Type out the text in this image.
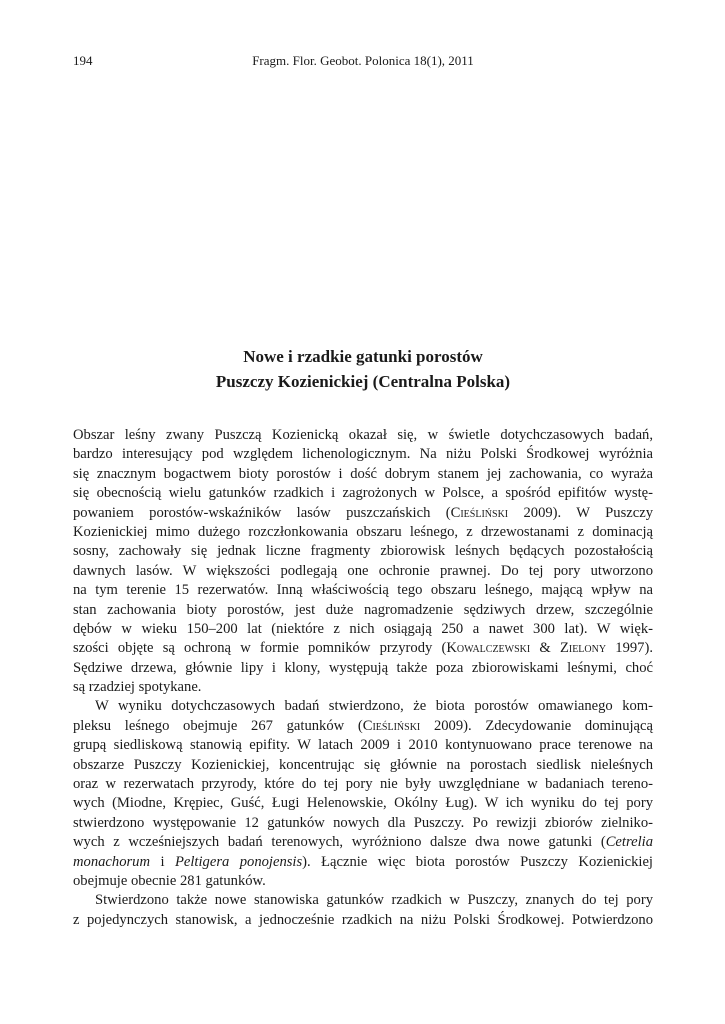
194	Fragm. Flor. Geobot. Polonica 18(1), 2011
Nowe i rzadkie gatunki porostów
Puszczy Kozienickiej (Centralna Polska)
Obszar leśny zwany Puszczą Kozienicką okazał się, w świetle dotychczasowych badań,
bardzo interesujący pod względem lichenologicznym. Na niżu Polski Środkowej wyróżnia
się znacznym bogactwem bioty porostów i dość dobrym stanem jej zachowania, co wyraża
się obecnością wielu gatunków rzadkich i zagrożonych w Polsce, a spośród epifitów wystę-
powaniem porostów-wskaźników lasów puszczańskich (Cieśliński 2009). W Puszczy
Kozienickiej mimo dużego rozczłonkowania obszaru leśnego, z drzewostanami z dominacją
sosny, zachowały się jednak liczne fragmenty zbiorowisk leśnych będących pozostałością
dawnych lasów. W większości podlegają one ochronie prawnej. Do tej pory utworzono
na tym terenie 15 rezerwatów. Inną właściwością tego obszaru leśnego, mającą wpływ na
stan zachowania bioty porostów, jest duże nagromadzenie sędziwych drzew, szczególnie
dębów w wieku 150–200 lat (niektóre z nich osiągają 250 a nawet 300 lat). W więk-
szości objęte są ochroną w formie pomników przyrody (Kowalczewski & Zielony 1997).
Sędziwe drzewa, głównie lipy i klony, występują także poza zbiorowiskami leśnymi, choć
są rzadziej spotykane.
W wyniku dotychczasowych badań stwierdzono, że biota porostów omawianego kom-
pleksu leśnego obejmuje 267 gatunków (Cieśliński 2009). Zdecydowanie dominującą
grupą siedliskową stanowią epifity. W latach 2009 i 2010 kontynuowano prace terenowe na
obszarze Puszczy Kozienickiej, koncentrując się głównie na porostach siedlisk nieleśnych
oraz w rezerwatach przyrody, które do tej pory nie były uwzględniane w badaniach tereno-
wych (Miodne, Krępiec, Guść, Ługi Helenowskie, Okólny Ług). W ich wyniku do tej pory
stwierdzono występowanie 12 gatunków nowych dla Puszczy. Po rewizji zbiorów zielniko-
wych z wcześniejszych badań terenowych, wyróżniono dalsze dwa nowe gatunki (Cetrelia
monachorum i Peltigera ponojensis). Łącznie więc biota porostów Puszczy Kozienickiej
obejmuje obecnie 281 gatunków.
Stwierdzono także nowe stanowiska gatunków rzadkich w Puszczy, znanych do tej pory
z pojedynczych stanowisk, a jednocześnie rzadkich na niżu Polski Środkowej. Potwierdzono
